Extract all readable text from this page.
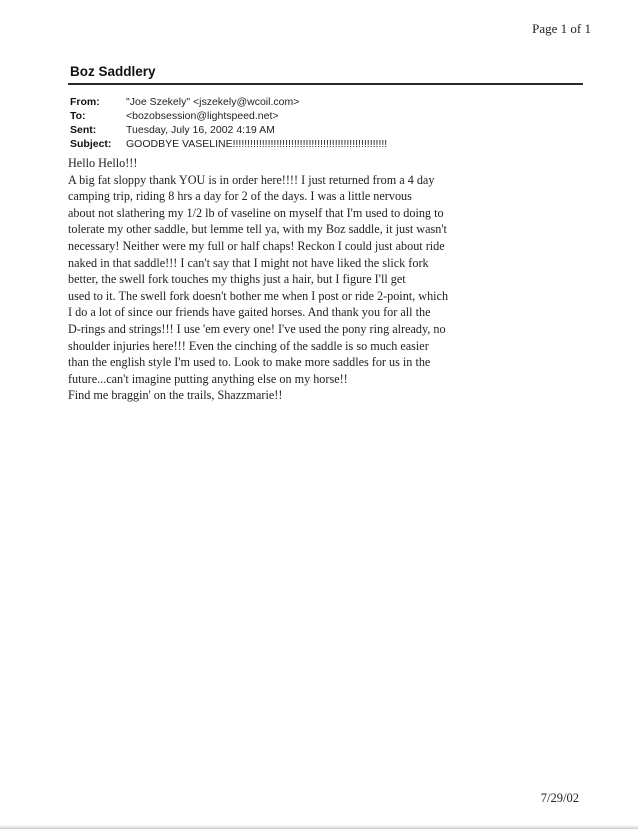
Page 1 of 1
Boz Saddlery
From:	"Joe Szekely" <jszekely@wcoil.com>
To:	<bozobsession@lightspeed.net>
Sent:	Tuesday, July 16, 2002 4:19 AM
Subject:	GOODBYE VASELINE!!!!!!!!!!!!!!!!!!!!!!!!!!!!!!!!!!!!!!!!!!!!!!!!!!!!!
Hello Hello!!!
A big fat sloppy thank YOU is in order here!!!! I just returned from a 4 day
camping trip, riding 8 hrs a day for 2 of the days. I was a little nervous
about not slathering my 1/2 lb of vaseline on myself that I'm used to doing to
tolerate my other saddle, but lemme tell ya, with my Boz saddle, it just wasn't
necessary! Neither were my full or half chaps! Reckon I could just about ride
naked in that saddle!!! I can't say that I might not have liked the slick fork
better, the swell fork touches my thighs just a hair, but I figure I'll get
used to it. The swell fork doesn't bother me when I post or ride 2-point, which
I do a lot of since our friends have gaited horses. And thank you for all the
D-rings and strings!!! I use 'em every one! I've used the pony ring already, no
shoulder injuries here!!! Even the cinching of the saddle is so much easier
than the english style I'm used to. Look to make more saddles for us in the
future...can't imagine putting anything else on my horse!!
Find me braggin' on the trails, Shazzmarie!!
7/29/02
